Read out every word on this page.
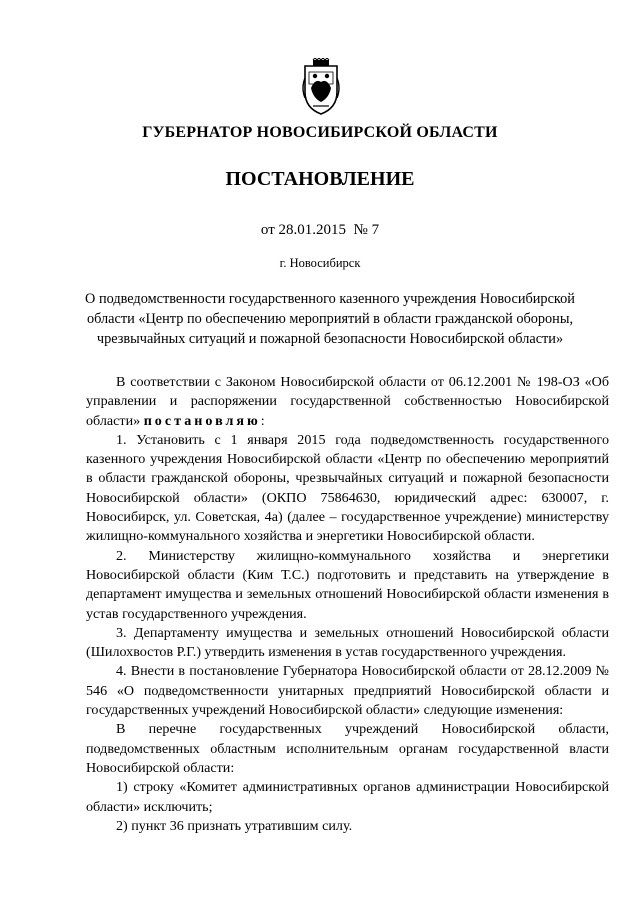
ГУБЕРНАТОР НОВОСИБИРСКОЙ ОБЛАСТИ
ПОСТАНОВЛЕНИЕ
от 28.01.2015  № 7
г. Новосибирск
О подведомственности государственного казенного учреждения Новосибирской области «Центр по обеспечению мероприятий в области гражданской обороны, чрезвычайных ситуаций и пожарной безопасности Новосибирской области»

В соответствии с Законом Новосибирской области от 06.12.2001 № 198-ОЗ «Об управлении и распоряжении государственной собственностью Новосибирской области» постановляю:

1. Установить с 1 января 2015 года подведомственность государственного казенного учреждения Новосибирской области «Центр по обеспечению мероприятий в области гражданской обороны, чрезвычайных ситуаций и пожарной безопасности Новосибирской области» (ОКПО 75864630, юридический адрес: 630007, г. Новосибирск, ул. Советская, 4а) (далее – государственное учреждение) министерству жилищно-коммунального хозяйства и энергетики Новосибирской области.

2. Министерству жилищно-коммунального хозяйства и энергетики Новосибирской области (Ким Т.С.) подготовить и представить на утверждение в департамент имущества и земельных отношений Новосибирской области изменения в устав государственного учреждения.

3. Департаменту имущества и земельных отношений Новосибирской области (Шилохвостов Р.Г.) утвердить изменения в устав государственного учреждения.

4. Внести в постановление Губернатора Новосибирской области от 28.12.2009 № 546 «О подведомственности унитарных предприятий Новосибирской области и государственных учреждений Новосибирской области» следующие изменения:

В перечне государственных учреждений Новосибирской области, подведомственных областным исполнительным органам государственной власти Новосибирской области:

1) строку «Комитет административных органов администрации Новосибирской области» исключить;

2) пункт 36 признать утратившим силу.
